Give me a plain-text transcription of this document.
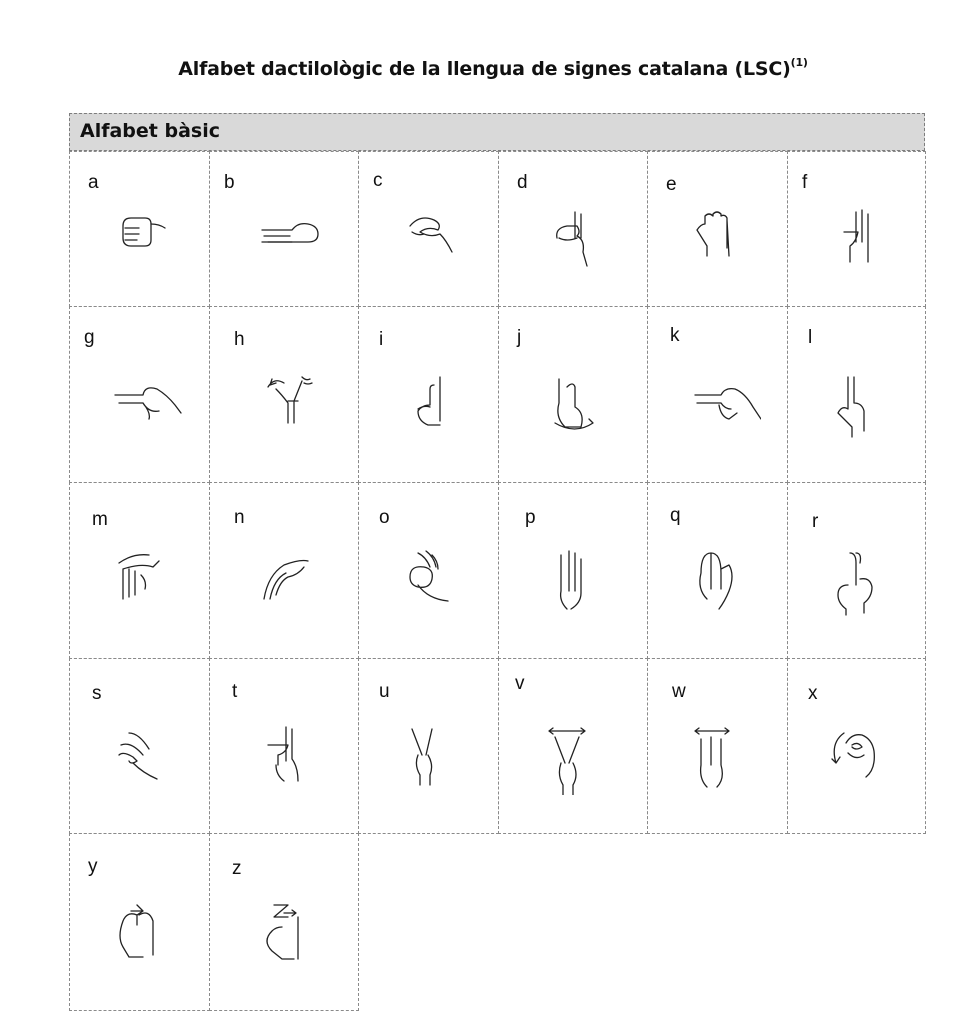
Alfabet dactilològic de la llengua de signes catalana (LSC)$^{(1)}$
Alfabet bàsic
a	b	c	d	e	f
g	h	i	j	k	l
m	n	o	p	q	r
s	t	u	v	w	x
y	z
